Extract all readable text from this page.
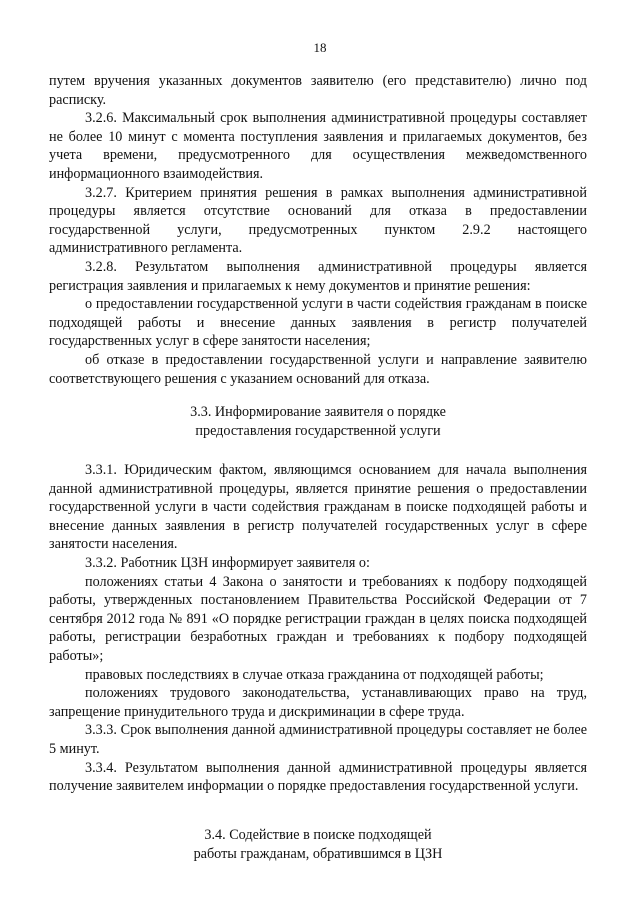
18

путем вручения указанных документов заявителю (его представителю) лично под расписку.

3.2.6. Максимальный срок выполнения административной процедуры составляет не более 10 минут с момента поступления заявления и прилагаемых документов, без учета времени, предусмотренного для осуществления межведомственного информационного взаимодействия.

3.2.7. Критерием принятия решения в рамках выполнения административной процедуры является отсутствие оснований для отказа в предоставлении государственной услуги, предусмотренных пунктом 2.9.2 настоящего административного регламента.

3.2.8. Результатом выполнения административной процедуры является регистрация заявления и прилагаемых к нему документов и принятие решения:

о предоставлении государственной услуги в части содействия гражданам в поиске подходящей работы и внесение данных заявления в регистр получателей государственных услуг в сфере занятости населения;

об отказе в предоставлении государственной услуги и направление заявителю соответствующего решения с указанием оснований для отказа.

3.3. Информирование заявителя о порядке
предоставления государственной услуги

3.3.1. Юридическим фактом, являющимся основанием для начала выполнения данной административной процедуры, является принятие решения о предоставлении государственной услуги в части содействия гражданам в поиске подходящей работы и внесение данных заявления в регистр получателей государственных услуг в сфере занятости населения.

3.3.2. Работник ЦЗН информирует заявителя о:

положениях статьи 4 Закона о занятости и требованиях к подбору подходящей работы, утвержденных постановлением Правительства Российской Федерации от 7 сентября 2012 года № 891 «О порядке регистрации граждан в целях поиска подходящей работы, регистрации безработных граждан и требованиях к подбору подходящей работы»;

правовых последствиях в случае отказа гражданина от подходящей работы;

положениях трудового законодательства, устанавливающих право на труд, запрещение принудительного труда и дискриминации в сфере труда.

3.3.3. Срок выполнения данной административной процедуры составляет не более 5 минут.

3.3.4. Результатом выполнения данной административной процедуры является получение заявителем информации о порядке предоставления государственной услуги.

3.4. Содействие в поиске подходящей
работы гражданам, обратившимся в ЦЗН
